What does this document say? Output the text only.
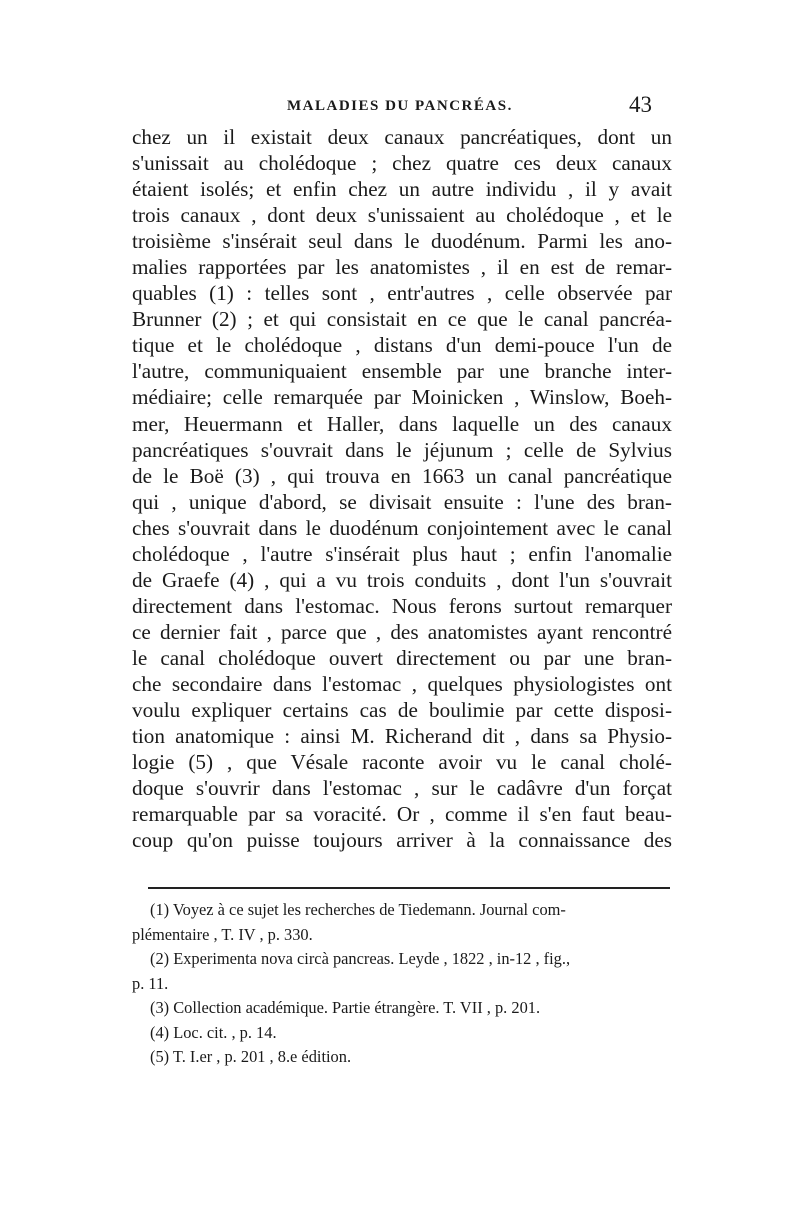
MALADIES DU PANCRÉAS.	43
chez un il existait deux canaux pancréatiques, dont un
s'unissait au cholédoque ; chez quatre ces deux canaux
étaient isolés; et enfin chez un autre individu , il y avait
trois canaux , dont deux s'unissaient au cholédoque , et le
troisième s'insérait seul dans le duodénum. Parmi les ano-
malies rapportées par les anatomistes , il en est de remar-
quables (1) : telles sont , entr'autres , celle observée par
Brunner (2) ; et qui consistait en ce que le canal pancréa-
tique et le cholédoque , distans d'un demi-pouce l'un de
l'autre, communiquaient ensemble par une branche inter-
médiaire; celle remarquée par Moinicken , Winslow, Boeh-
mer, Heuermann et Haller, dans laquelle un des canaux
pancréatiques s'ouvrait dans le jéjunum ; celle de Sylvius
de le Boë (3) , qui trouva en 1663 un canal pancréatique
qui , unique d'abord, se divisait ensuite : l'une des bran-
ches s'ouvrait dans le duodénum conjointement avec le canal
cholédoque , l'autre s'insérait plus haut ; enfin l'anomalie
de Graefe (4) , qui a vu trois conduits , dont l'un s'ouvrait
directement dans l'estomac. Nous ferons surtout remarquer
ce dernier fait , parce que , des anatomistes ayant rencontré
le canal cholédoque ouvert directement ou par une bran-
che secondaire dans l'estomac , quelques physiologistes ont
voulu expliquer certains cas de boulimie par cette disposi-
tion anatomique : ainsi M. Richerand dit , dans sa Physio-
logie (5) , que Vésale raconte avoir vu le canal cholé-
doque s'ouvrir dans l'estomac , sur le cadâvre d'un forçat
remarquable par sa voracité. Or , comme il s'en faut beau-
coup qu'on puisse toujours arriver à la connaissance des
(1) Voyez à ce sujet les recherches de Tiedemann. Journal com-
plémentaire , T. IV , p. 330.
(2) Experimenta nova circà pancreas. Leyde , 1822 , in-12 , fig.,
p. 11.
(3) Collection académique. Partie étrangère. T. VII , p. 201.
(4) Loc. cit. , p. 14.
(5) T. I.er , p. 201 , 8.e édition.
